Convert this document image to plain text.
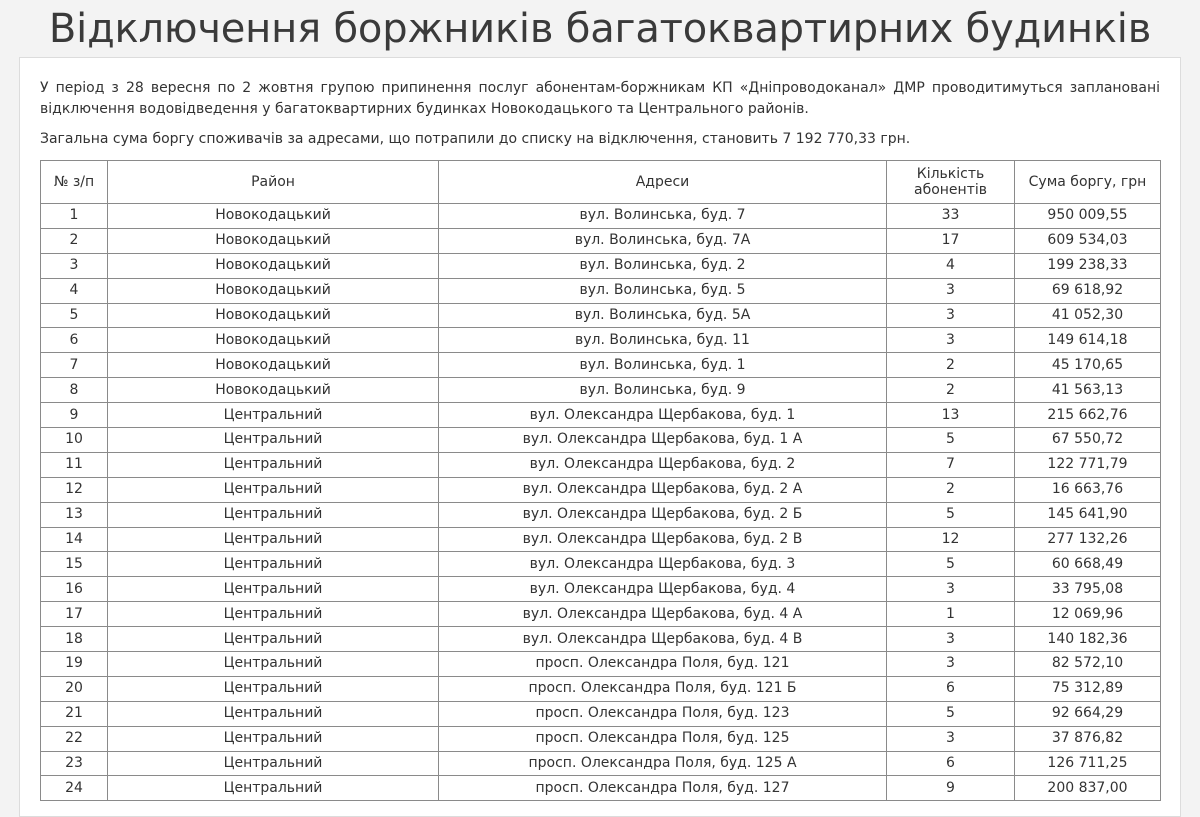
Відключення боржників багатоквартирних будинків

У період з 28 вересня по 2 жовтня групою припинення послуг абонентам-боржникам КП «Дніпроводоканал» ДМР проводитимуться заплановані відключення водовідведення у багатоквартирних будинках Новокодацького та Центрального районів.

Загальна сума боргу споживачів за адресами, що потрапили до списку на відключення, становить 7 192 770,33 грн.

№ з/п	Район	Адреси	Кількість абонентів	Сума боргу, грн
1	Новокодацький	вул. Волинська, буд. 7	33	950 009,55
2	Новокодацький	вул. Волинська, буд. 7А	17	609 534,03
3	Новокодацький	вул. Волинська, буд. 2	4	199 238,33
4	Новокодацький	вул. Волинська, буд. 5	3	69 618,92
5	Новокодацький	вул. Волинська, буд. 5А	3	41 052,30
6	Новокодацький	вул. Волинська, буд. 11	3	149 614,18
7	Новокодацький	вул. Волинська, буд. 1	2	45 170,65
8	Новокодацький	вул. Волинська, буд. 9	2	41 563,13
9	Центральний	вул. Олександра Щербакова, буд. 1	13	215 662,76
10	Центральний	вул. Олександра Щербакова, буд. 1 А	5	67 550,72
11	Центральний	вул. Олександра Щербакова, буд. 2	7	122 771,79
12	Центральний	вул. Олександра Щербакова, буд. 2 А	2	16 663,76
13	Центральний	вул. Олександра Щербакова, буд. 2 Б	5	145 641,90
14	Центральний	вул. Олександра Щербакова, буд. 2 В	12	277 132,26
15	Центральний	вул. Олександра Щербакова, буд. 3	5	60 668,49
16	Центральний	вул. Олександра Щербакова, буд. 4	3	33 795,08
17	Центральний	вул. Олександра Щербакова, буд. 4 А	1	12 069,96
18	Центральний	вул. Олександра Щербакова, буд. 4 В	3	140 182,36
19	Центральний	просп. Олександра Поля, буд. 121	3	82 572,10
20	Центральний	просп. Олександра Поля, буд. 121 Б	6	75 312,89
21	Центральний	просп. Олександра Поля, буд. 123	5	92 664,29
22	Центральний	просп. Олександра Поля, буд. 125	3	37 876,82
23	Центральний	просп. Олександра Поля, буд. 125 А	6	126 711,25
24	Центральний	просп. Олександра Поля, буд. 127	9	200 837,00
